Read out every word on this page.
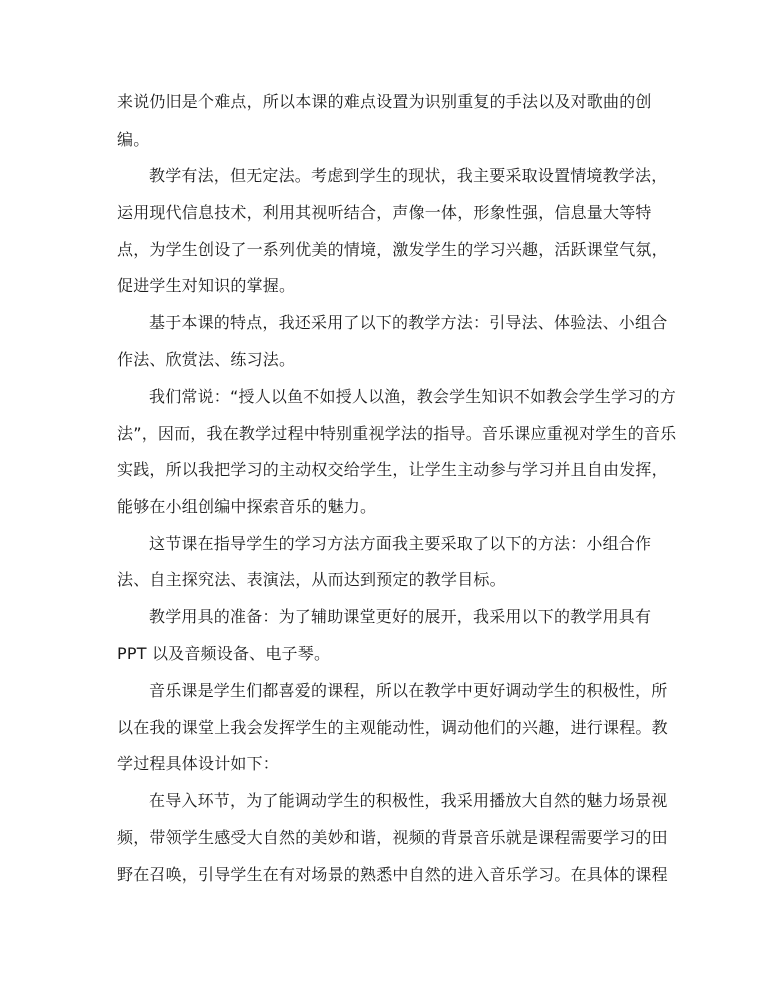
来说仍旧是个难点，所以本课的难点设置为识别重复的手法以及对歌曲的创
编。
教学有法，但无定法。考虑到学生的现状，我主要采取设置情境教学法，
运用现代信息技术，利用其视听结合，声像一体，形象性强，信息量大等特
点，为学生创设了一系列优美的情境，激发学生的学习兴趣，活跃课堂气氛，
促进学生对知识的掌握。
基于本课的特点，我还采用了以下的教学方法：引导法、体验法、小组合
作法、欣赏法、练习法。
我们常说：“授人以鱼不如授人以渔，教会学生知识不如教会学生学习的方
法”，因而，我在教学过程中特别重视学法的指导。音乐课应重视对学生的音乐
实践，所以我把学习的主动权交给学生，让学生主动参与学习并且自由发挥，
能够在小组创编中探索音乐的魅力。
这节课在指导学生的学习方法方面我主要采取了以下的方法：小组合作
法、自主探究法、表演法，从而达到预定的教学目标。
教学用具的准备：为了辅助课堂更好的展开，我采用以下的教学用具有
PPT 以及音频设备、电子琴。
音乐课是学生们都喜爱的课程，所以在教学中更好调动学生的积极性，所
以在我的课堂上我会发挥学生的主观能动性，调动他们的兴趣，进行课程。教
学过程具体设计如下：
在导入环节，为了能调动学生的积极性，我采用播放大自然的魅力场景视
频，带领学生感受大自然的美妙和谐，视频的背景音乐就是课程需要学习的田
野在召唤，引导学生在有对场景的熟悉中自然的进入音乐学习。在具体的课程
